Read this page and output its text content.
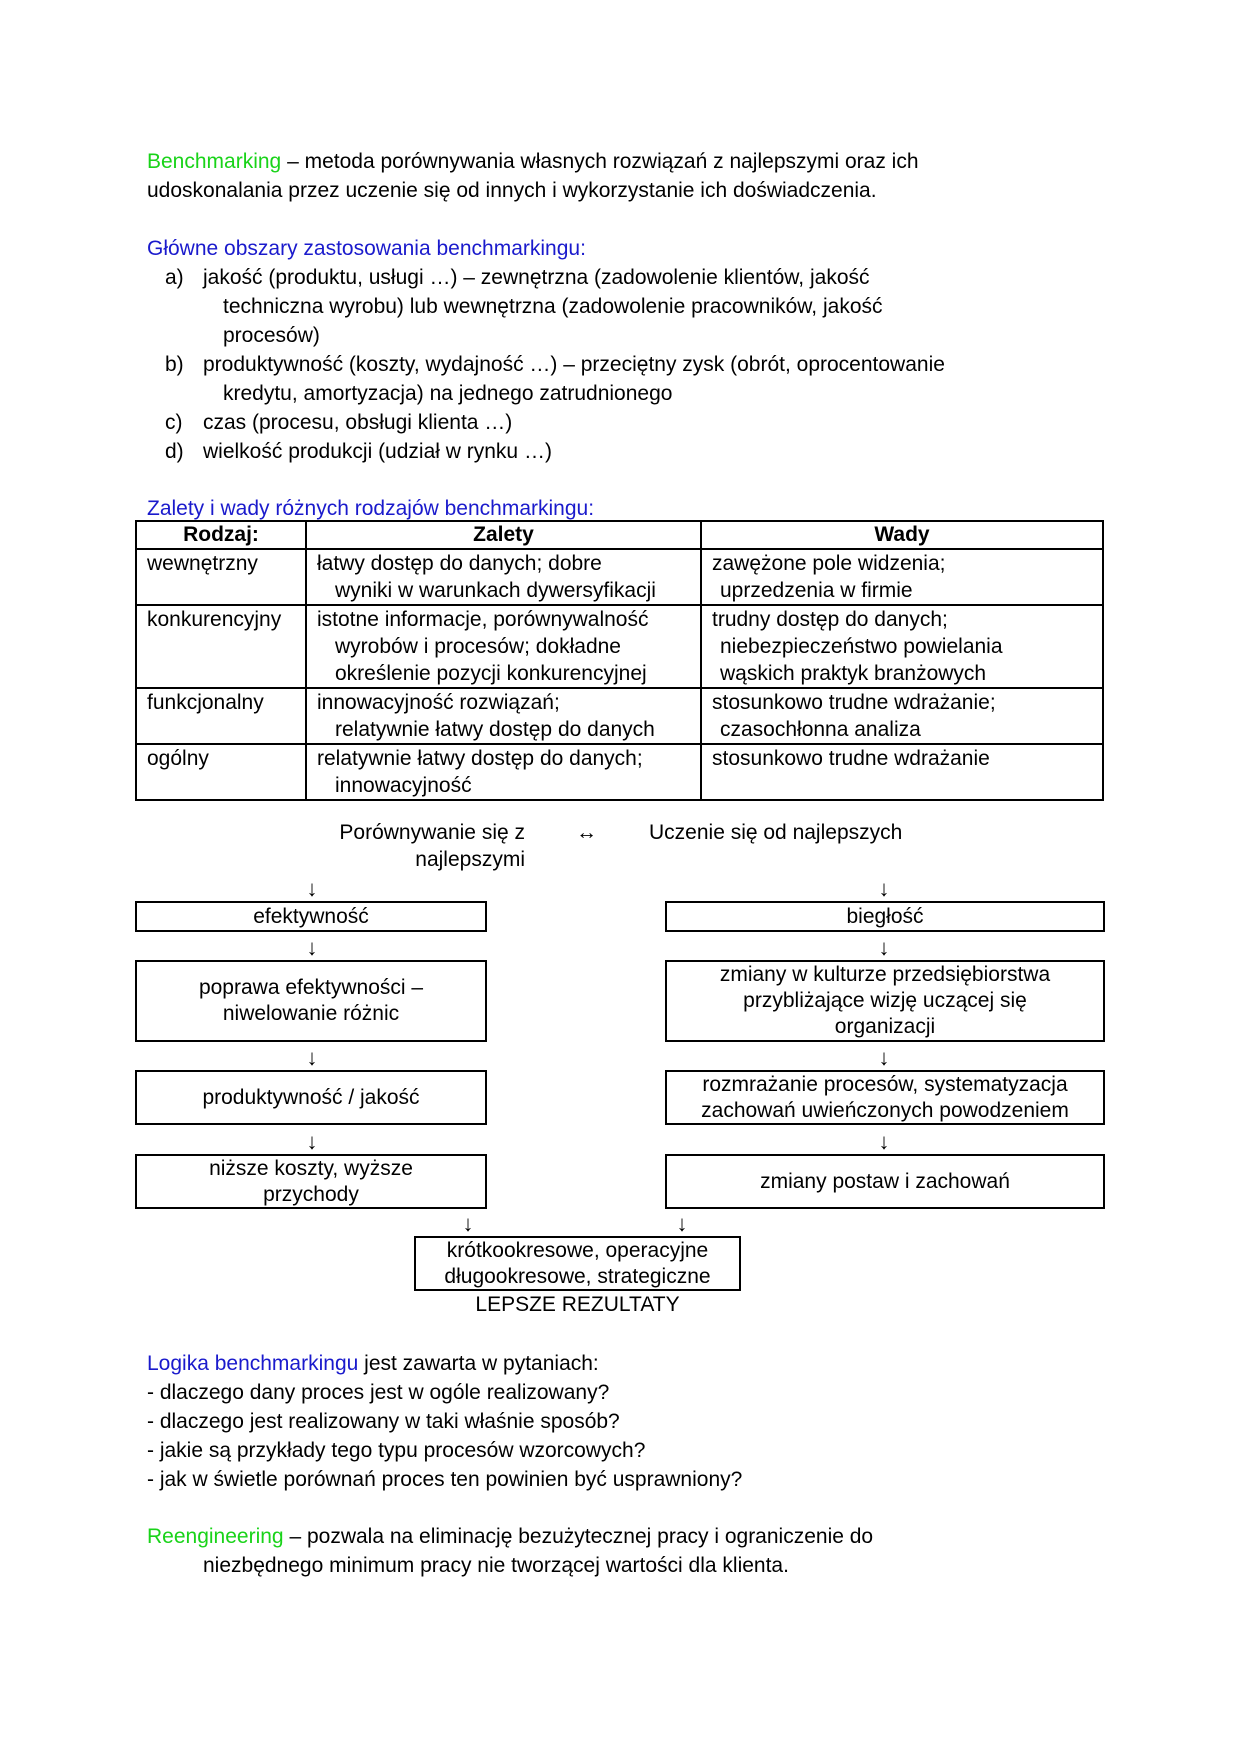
Benchmarking – metoda porównywania własnych rozwiązań z najlepszymi oraz ich
udoskonalania przez uczenie się od innych i wykorzystanie ich doświadczenia.
Główne obszary zastosowania benchmarkingu:
a) jakość (produktu, usługi …) – zewnętrzna (zadowolenie klientów, jakość
techniczna wyrobu) lub wewnętrzna (zadowolenie pracowników, jakość
procesów)
b) produktywność (koszty, wydajność …) – przeciętny zysk (obrót, oprocentowanie
kredytu, amortyzacja) na jednego zatrudnionego
c) czas (procesu, obsługi klienta …)
d) wielkość produkcji (udział w rynku …)
Zalety i wady różnych rodzajów benchmarkingu:
Rodzaj:	Zalety	Wady
wewnętrzny	łatwy dostęp do danych; dobre
wyniki w warunkach dywersyfikacji	zawężone pole widzenia;
uprzedzenia w firmie

konkurencyjny	istotne informacje, porównywalność
wyrobów i procesów; dokładne
określenie pozycji konkurencyjnej	trudny dostęp do danych;
niebezpieczeństwo powielania
wąskich praktyk branżowych

funkcjonalny	innowacyjność rozwiązań;
relatywnie łatwy dostęp do danych	stosunkowo trudne wdrażanie;
czasochłonna analiza

ogólny	relatywnie łatwy dostęp do danych;
innowacyjność	stosunkowo trudne wdrażanie
Porównywanie się z
najlepszymi
↔ Uczenie się od najlepszych
↓
↓
↓
↓
↓
↓
↓
↓
↓	↓
efektywność
poprawa efektywności –
niwelowanie różnic
produktywność / jakość
niższe koszty, wyższe
przychody
biegłość
zmiany w kulturze przedsiębiorstwa
przybliżające wizję uczącej się
organizacji
rozmrażanie procesów, systematyzacja
zachowań uwieńczonych powodzeniem
zmiany postaw i zachowań
krótkookresowe, operacyjne
długookresowe, strategiczne
LEPSZE REZULTATY
Logika benchmarkingu jest zawarta w pytaniach:
- dlaczego dany proces jest w ogóle realizowany?
- dlaczego jest realizowany w taki właśnie sposób?
- jakie są przykłady tego typu procesów wzorcowych?
- jak w świetle porównań proces ten powinien być usprawniony?
Reengineering – pozwala na eliminację bezużytecznej pracy i ograniczenie do
niezbędnego minimum pracy nie tworzącej wartości dla klienta.
